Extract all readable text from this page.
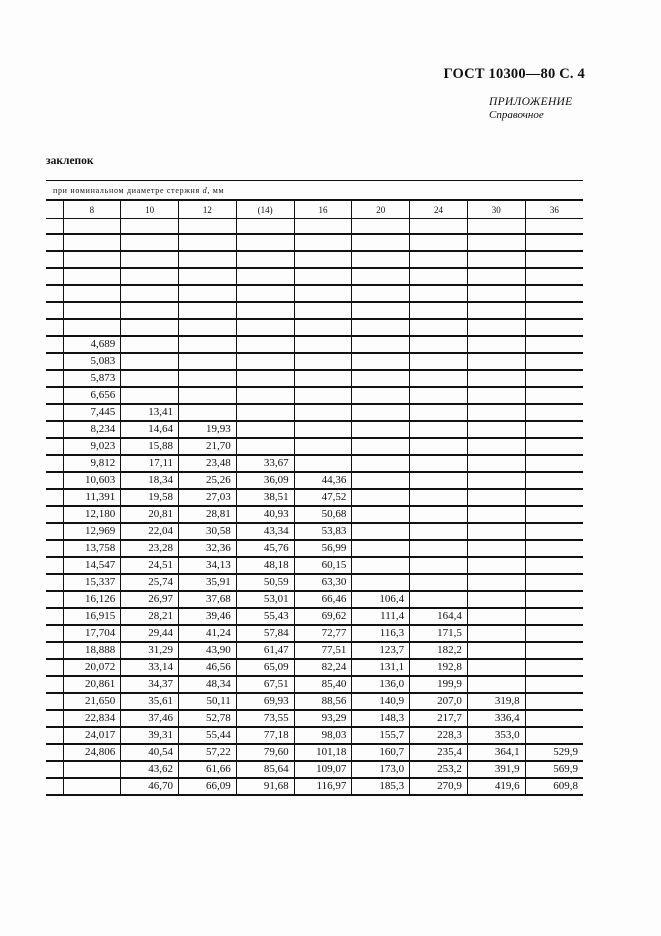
ГОСТ 10300—80 С. 4
ПРИЛОЖЕНИЕ
Справочное
заклепок
при номинальном диаметре стержня d, мм
	8	10	12	(14)	16	20	24	30	36

	4,689								
	5,083								
	5,873								
	6,656								
	7,445	13,41							
	8,234	14,64	19,93						
	9,023	15,88	21,70						
	9,812	17,11	23,48	33,67					
	10,603	18,34	25,26	36,09	44,36				
	11,391	19,58	27,03	38,51	47,52				
	12,180	20,81	28,81	40,93	50,68				
	12,969	22,04	30,58	43,34	53,83				
	13,758	23,28	32,36	45,76	56,99				
	14,547	24,51	34,13	48,18	60,15				
	15,337	25,74	35,91	50,59	63,30				
	16,126	26,97	37,68	53,01	66,46	106,4			
	16,915	28,21	39,46	55,43	69,62	111,4	164,4		
	17,704	29,44	41,24	57,84	72,77	116,3	171,5		
	18,888	31,29	43,90	61,47	77,51	123,7	182,2		
	20,072	33,14	46,56	65,09	82,24	131,1	192,8		
	20,861	34,37	48,34	67,51	85,40	136,0	199,9		
	21,650	35,61	50,11	69,93	88,56	140,9	207,0	319,8	
	22,834	37,46	52,78	73,55	93,29	148,3	217,7	336,4	
	24,017	39,31	55,44	77,18	98,03	155,7	228,3	353,0	
	24,806	40,54	57,22	79,60	101,18	160,7	235,4	364,1	529,9
		43,62	61,66	85,64	109,07	173,0	253,2	391,9	569,9
		46,70	66,09	91,68	116,97	185,3	270,9	419,6	609,8
